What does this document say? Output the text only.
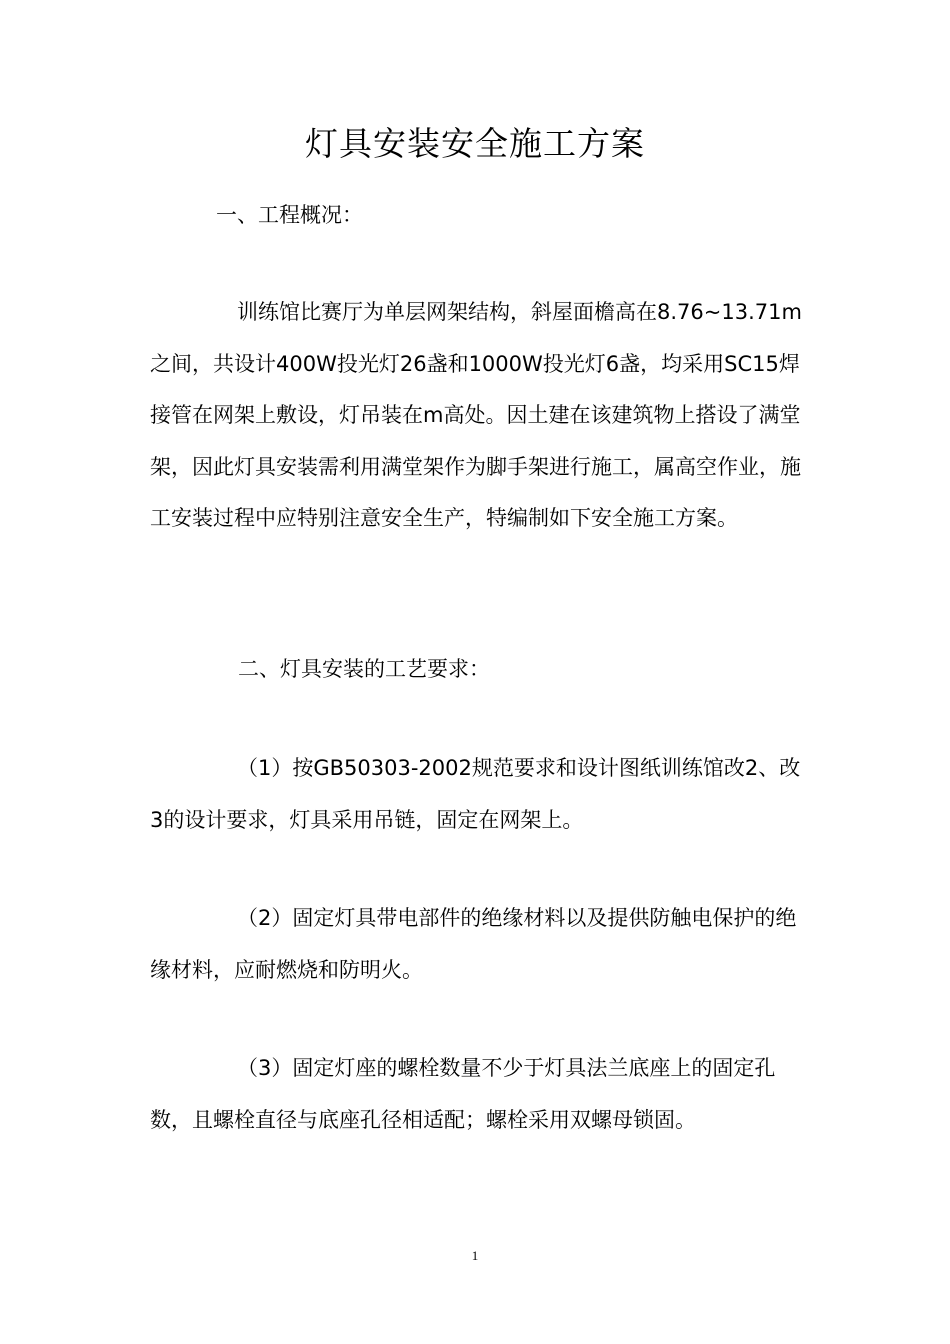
灯具安装安全施工方案
一、工程概况：

训练馆比赛厅为单层网架结构，斜屋面檐高在8.76~13.71m之间，共设计400W投光灯26盏和1000W投光灯6盏，均采用SC15焊接管在网架上敷设，灯吊装在m高处。因土建在该建筑物上搭设了满堂架，因此灯具安装需利用满堂架作为脚手架进行施工，属高空作业，施工安装过程中应特别注意安全生产，特编制如下安全施工方案。

二、灯具安装的工艺要求：

（1）按GB50303-2002规范要求和设计图纸训练馆改2、改3的设计要求，灯具采用吊链，固定在网架上。

（2）固定灯具带电部件的绝缘材料以及提供防触电保护的绝缘材料，应耐燃烧和防明火。

（3）固定灯座的螺栓数量不少于灯具法兰底座上的固定孔数，且螺栓直径与底座孔径相适配；螺栓采用双螺母锁固。

1
